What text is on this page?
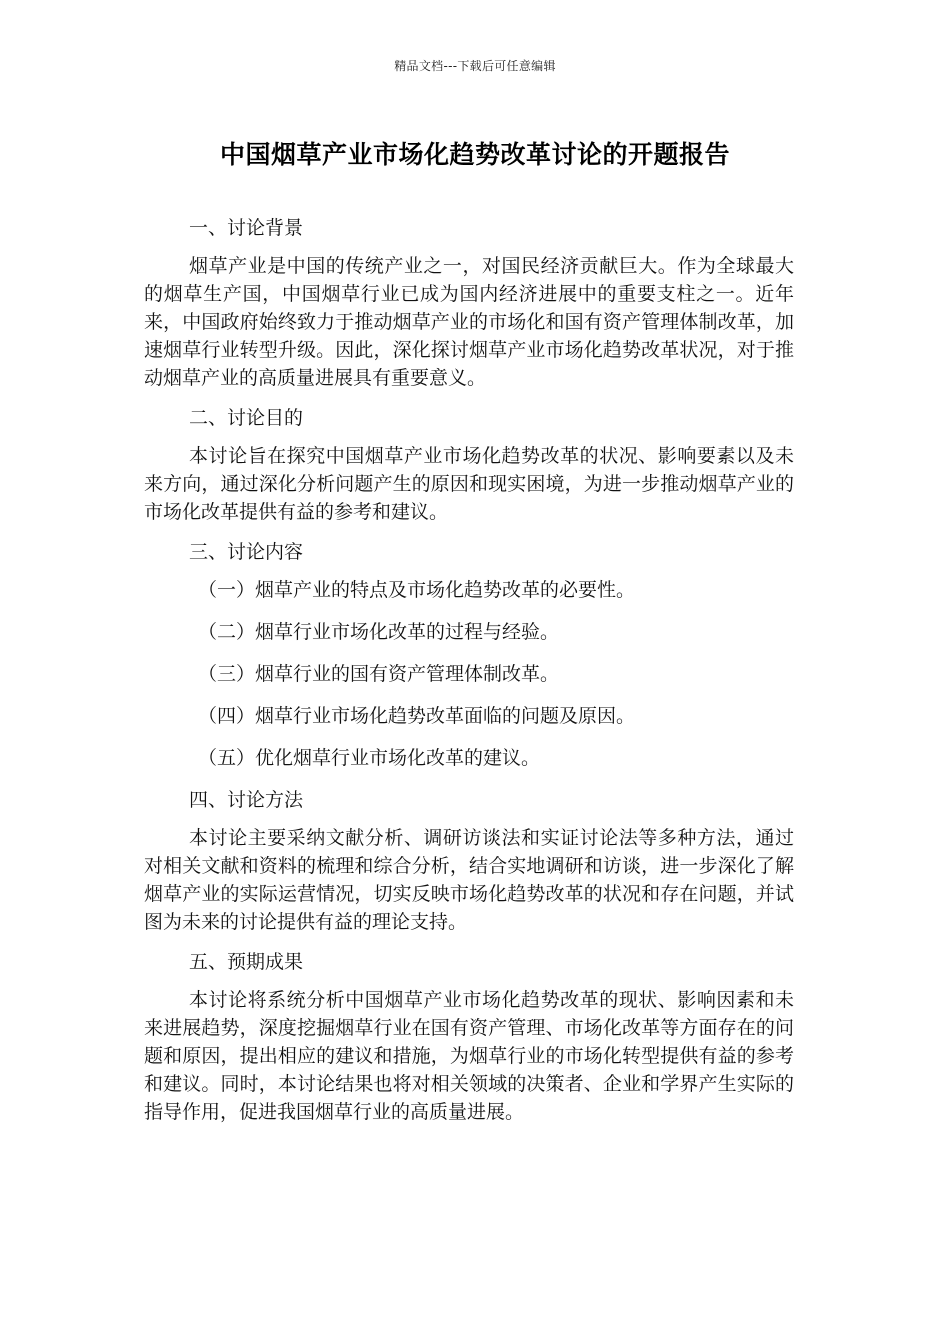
精品文档---下载后可任意编辑
中国烟草产业市场化趋势改革讨论的开题报告
一、讨论背景

烟草产业是中国的传统产业之一，对国民经济贡献巨大。作为全球最大的烟草生产国，中国烟草行业已成为国内经济进展中的重要支柱之一。近年来，中国政府始终致力于推动烟草产业的市场化和国有资产管理体制改革，加速烟草行业转型升级。因此，深化探讨烟草产业市场化趋势改革状况，对于推动烟草产业的高质量进展具有重要意义。

二、讨论目的

本讨论旨在探究中国烟草产业市场化趋势改革的状况、影响要素以及未来方向，通过深化分析问题产生的原因和现实困境，为进一步推动烟草产业的市场化改革提供有益的参考和建议。

三、讨论内容
（一）烟草产业的特点及市场化趋势改革的必要性。
（二）烟草行业市场化改革的过程与经验。
（三）烟草行业的国有资产管理体制改革。
（四）烟草行业市场化趋势改革面临的问题及原因。
（五）优化烟草行业市场化改革的建议。
四、讨论方法

本讨论主要采纳文献分析、调研访谈法和实证讨论法等多种方法，通过对相关文献和资料的梳理和综合分析，结合实地调研和访谈，进一步深化了解烟草产业的实际运营情况，切实反映市场化趋势改革的状况和存在问题，并试图为未来的讨论提供有益的理论支持。

五、预期成果

本讨论将系统分析中国烟草产业市场化趋势改革的现状、影响因素和未来进展趋势，深度挖掘烟草行业在国有资产管理、市场化改革等方面存在的问题和原因，提出相应的建议和措施，为烟草行业的市场化转型提供有益的参考和建议。同时，本讨论结果也将对相关领域的决策者、企业和学界产生实际的指导作用，促进我国烟草行业的高质量进展。
